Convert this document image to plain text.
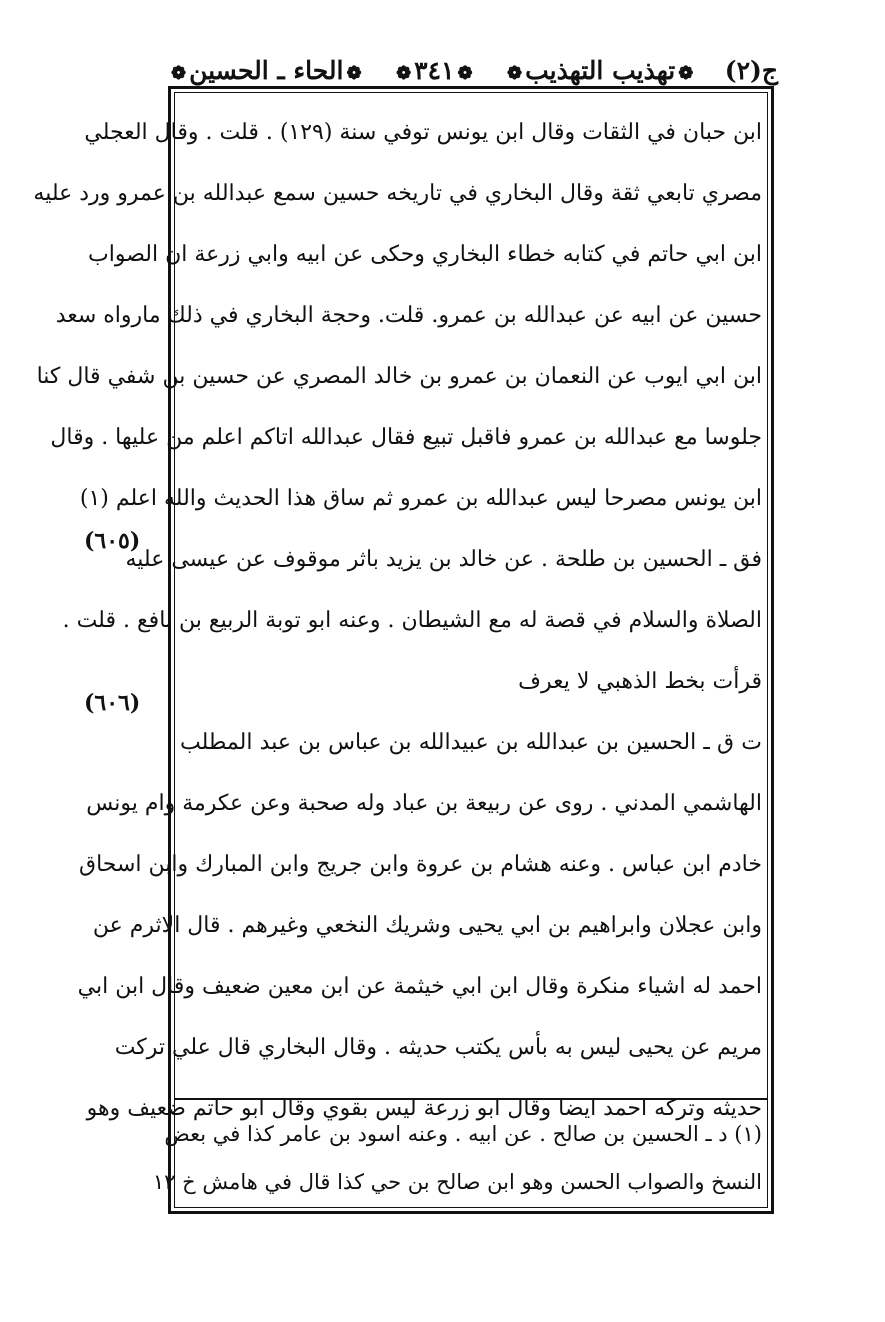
ج(۲)
❁تهذيب التهذيب❁
❁۳٤۱❁
❁الحاء ـ الحسين❁
ابن حبان في الثقات وقال ابن يونس توفي سنة (۱۲۹) . قلت . وقال العجلي
مصري تابعي ثقة وقال البخاري في تاريخه حسين سمع عبدالله بن عمرو ورد عليه
ابن ابي حاتم في كتابه خطاء البخاري وحكى عن ابيه وابي زرعة ان الصواب
حسين عن ابيه عن عبدالله بن عمرو. قلت. وحجة البخاري في ذلك مارواه سعد
ابن ابي ايوب عن النعمان بن عمرو بن خالد المصري عن حسين بن شفي قال كنا
جلوسا مع عبدالله بن عمرو فاقبل تبيع فقال عبدالله اتاكم اعلم من عليها . وقال
ابن يونس مصرحا ليس عبدالله بن عمرو ثم ساق هذا الحديث والله اعلم (۱)
فق ـ الحسين بن طلحة . عن خالد بن يزيد باثر موقوف عن عيسى عليه
الصلاة والسلام في قصة له مع الشيطان . وعنه ابو توبة الربيع بن نافع . قلت .
قرأت بخط الذهبي لا يعرف
ت ق ـ الحسين بن عبدالله بن عبيدالله بن عباس بن عبد المطلب
الهاشمي المدني . روى عن ربيعة بن عباد وله صحبة وعن عكرمة وام يونس
خادم ابن عباس . وعنه هشام بن عروة وابن جريج وابن المبارك وابن اسحاق
وابن عجلان وابراهيم بن ابي يحيى وشريك النخعي وغيرهم . قال الاثرم عن
احمد له اشياء منكرة وقال ابن ابي خيثمة عن ابن معين ضعيف وقال ابن ابي
مريم عن يحيى ليس به بأس يكتب حديثه . وقال البخاري قال علي تركت
حديثه وتركه احمد ايضا وقال ابو زرعة ليس بقوي وقال ابو حاتم ضعيف وهو
(۱) د ـ الحسين بن صالح . عن ابيه . وعنه اسود بن عامر كذا في بعض
النسخ والصواب الحسن وهو ابن صالح بن حي كذا قال في هامش خ ۱۲
(٦٠٥)
(٦٠٦)
